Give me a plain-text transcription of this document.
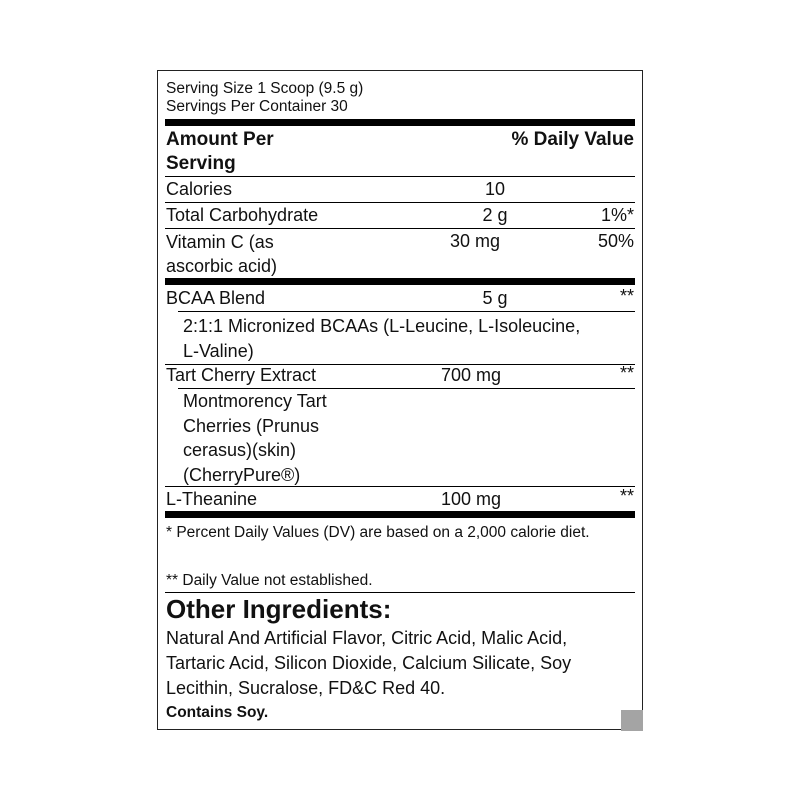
Serving Size 1 Scoop (9.5 g)
Servings Per Container 30
Amount Per
Serving
% Daily Value
Calories	10
Total Carbohydrate	2 g	1%*
Vitamin C (as
ascorbic acid)
30 mg	50%
BCAA Blend	5 g	**
2:1:1 Micronized BCAAs (L-Leucine, L-Isoleucine, L-Valine)
Tart Cherry Extract	700 mg	**
Montmorency Tart Cherries (Prunus cerasus)(skin) (CherryPure®)
L-Theanine	100 mg	**
* Percent Daily Values (DV) are based on a 2,000 calorie diet.
** Daily Value not established.
Other Ingredients:
Natural And Artificial Flavor, Citric Acid, Malic Acid, Tartaric Acid, Silicon Dioxide, Calcium Silicate, Soy Lecithin, Sucralose, FD&C Red 40.
Contains Soy.
